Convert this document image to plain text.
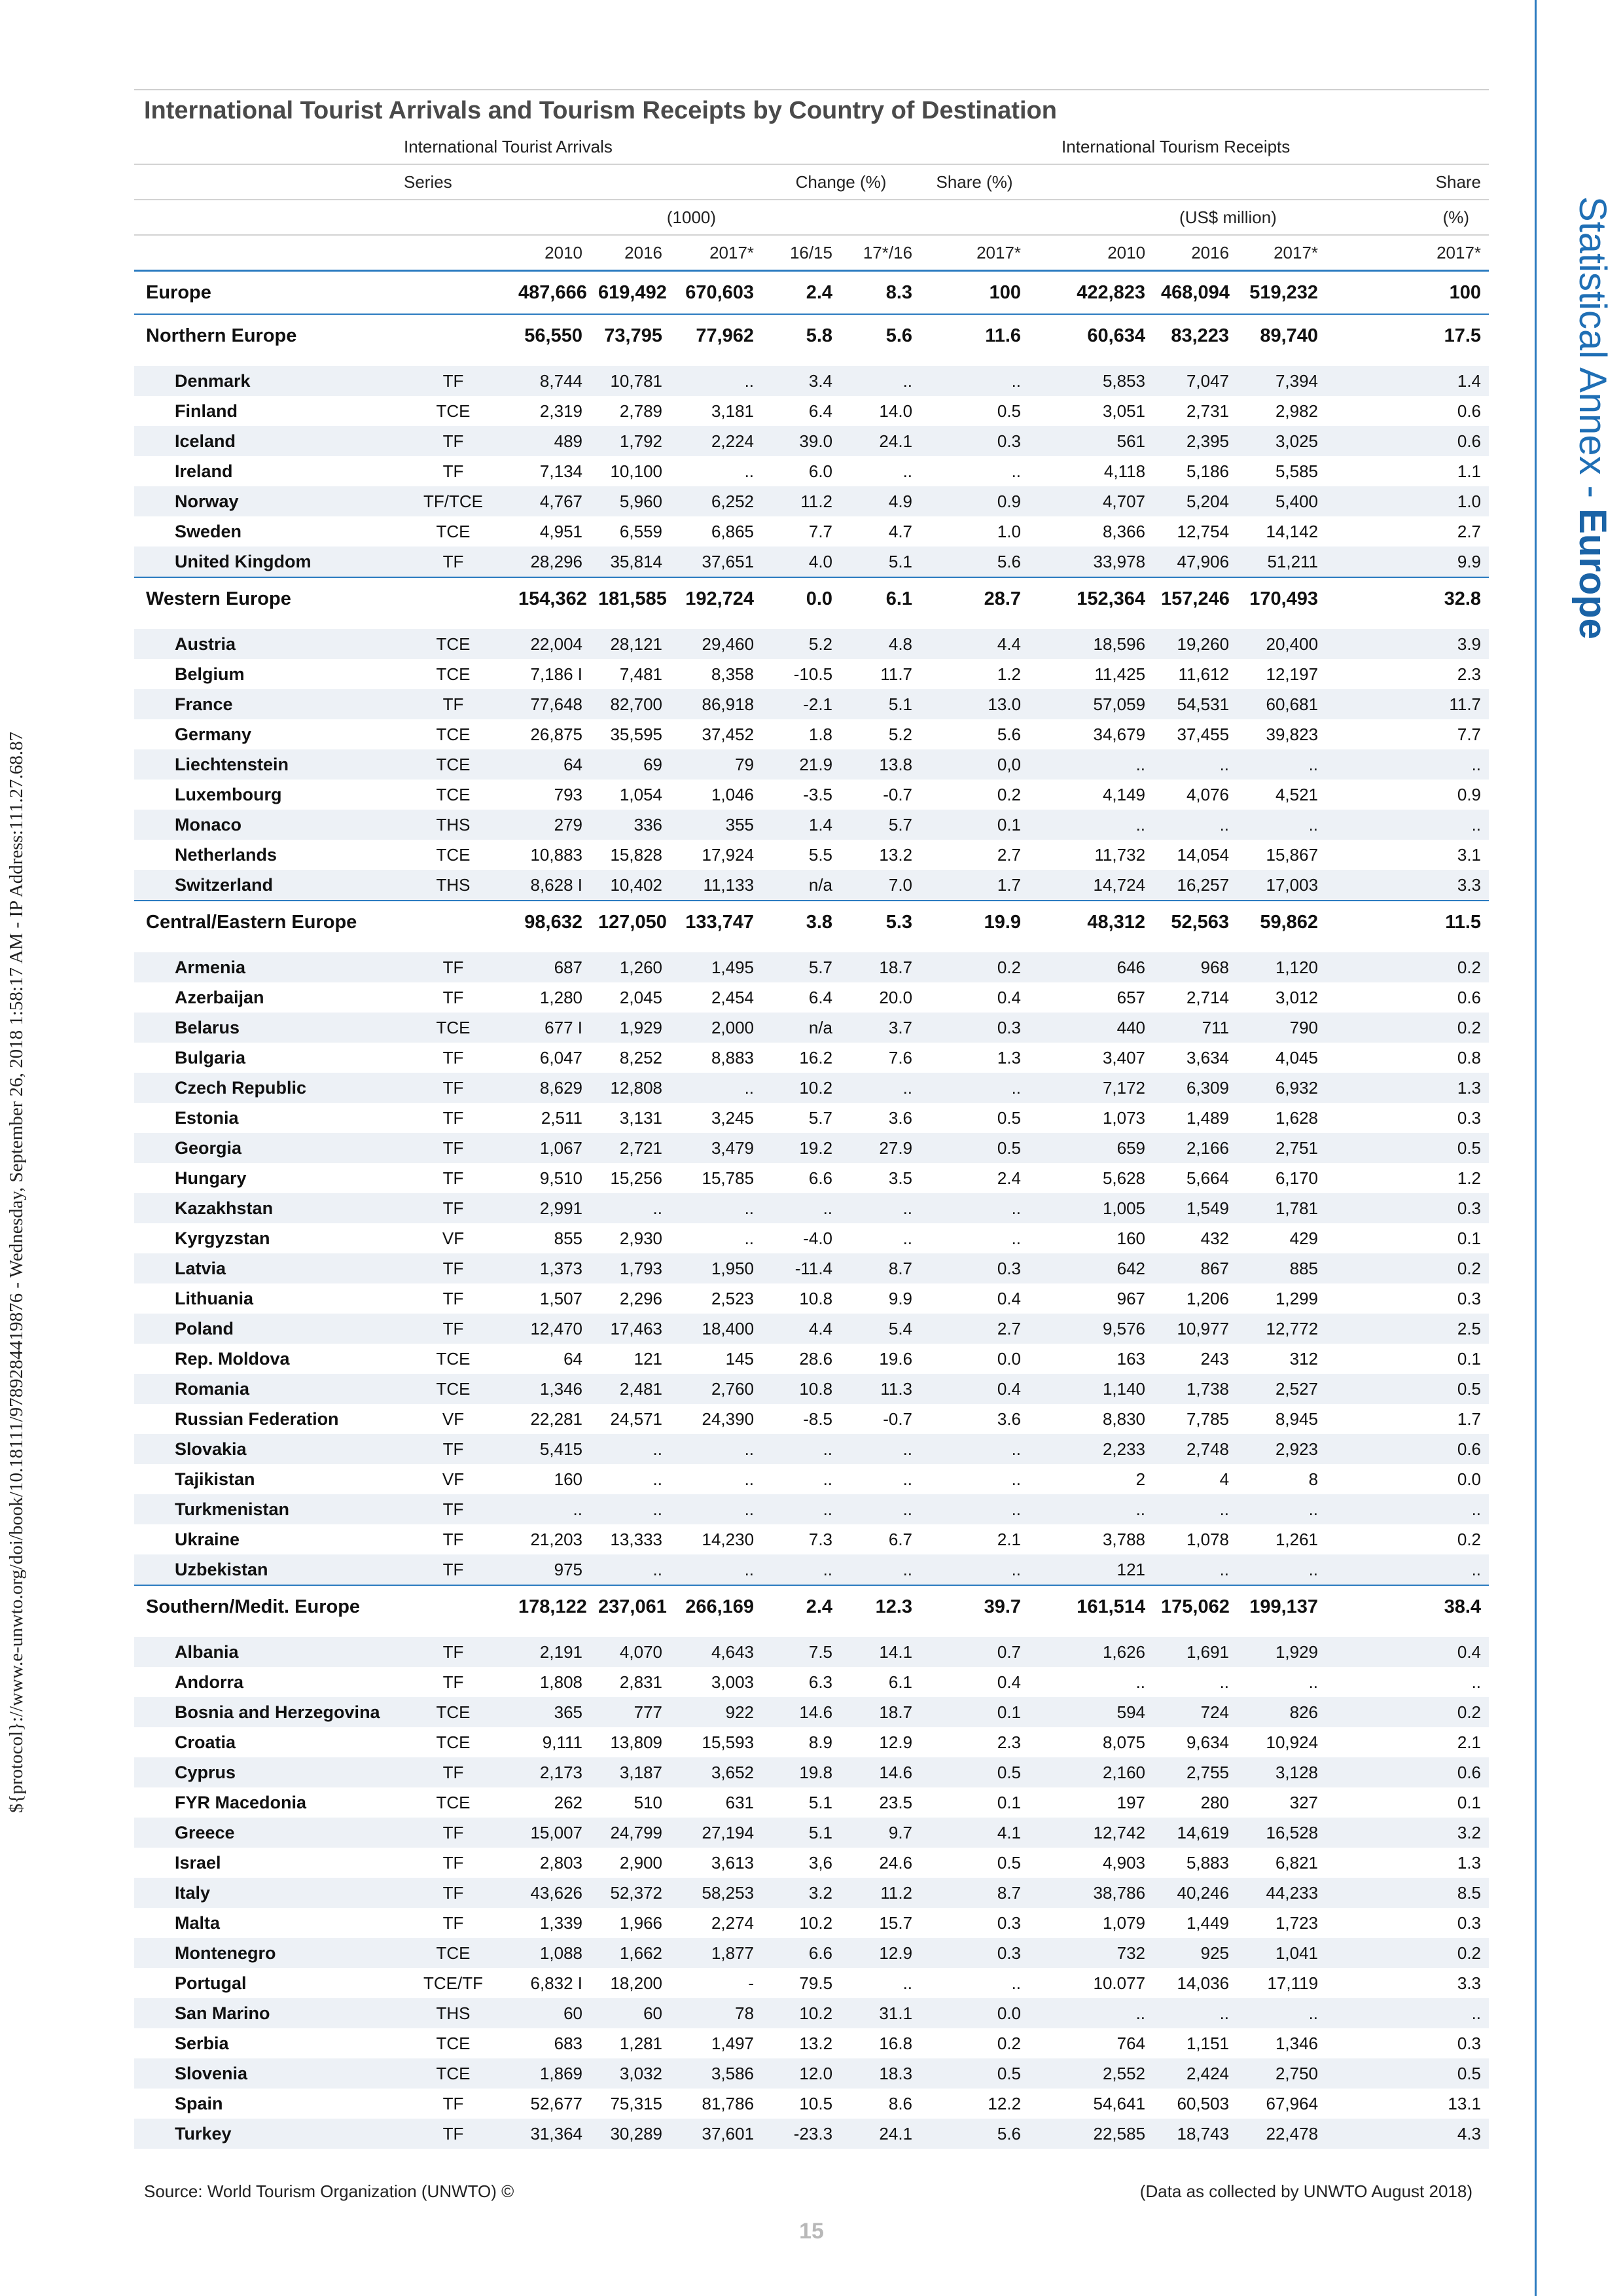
Statistical Annex - Europe
${protocol}://www.e-unwto.org/doi/book/10.18111/9789284419876 - Wednesday, September 26, 2018 1:58:17 AM - IP Address:111.27.68.87
International Tourist Arrivals and Tourism Receipts by Country of Destination
	International Tourist Arrivals							International Tourism Receipts			
	Series				Change (%)		Share (%)				Share
			(1000)						(US$ million)		(%)
		2010	2016	2017*	16/15	17*/16	2017*	2010	2016	2017*	2017*
Europe		487,666	619,492	670,603	2.4	8.3	100	422,823	468,094	519,232	100
Northern Europe		56,550	73,795	77,962	5.8	5.6	11.6	60,634	83,223	89,740	17.5

Denmark	TF	8,744	10,781	..	3.4	..	..	5,853	7,047	7,394	1.4
Finland	TCE	2,319	2,789	3,181	6.4	14.0	0.5	3,051	2,731	2,982	0.6
Iceland	TF	489	1,792	2,224	39.0	24.1	0.3	561	2,395	3,025	0.6
Ireland	TF	7,134	10,100	..	6.0	..	..	4,118	5,186	5,585	1.1
Norway	TF/TCE	4,767	5,960	6,252	11.2	4.9	0.9	4,707	5,204	5,400	1.0
Sweden	TCE	4,951	6,559	6,865	7.7	4.7	1.0	8,366	12,754	14,142	2.7
United Kingdom	TF	28,296	35,814	37,651	4.0	5.1	5.6	33,978	47,906	51,211	9.9
Western Europe		154,362	181,585	192,724	0.0	6.1	28.7	152,364	157,246	170,493	32.8

Austria	TCE	22,004	28,121	29,460	5.2	4.8	4.4	18,596	19,260	20,400	3.9
Belgium	TCE	7,186 I	7,481	8,358	-10.5	11.7	1.2	11,425	11,612	12,197	2.3
France	TF	77,648	82,700	86,918	-2.1	5.1	13.0	57,059	54,531	60,681	11.7
Germany	TCE	26,875	35,595	37,452	1.8	5.2	5.6	34,679	37,455	39,823	7.7
Liechtenstein	TCE	64	69	79	21.9	13.8	0,0	..	..	..	..
Luxembourg	TCE	793	1,054	1,046	-3.5	-0.7	0.2	4,149	4,076	4,521	0.9
Monaco	THS	279	336	355	1.4	5.7	0.1	..	..	..	..
Netherlands	TCE	10,883	15,828	17,924	5.5	13.2	2.7	11,732	14,054	15,867	3.1
Switzerland	THS	8,628 I	10,402	11,133	n/a	7.0	1.7	14,724	16,257	17,003	3.3
Central/Eastern Europe		98,632	127,050	133,747	3.8	5.3	19.9	48,312	52,563	59,862	11.5

Armenia	TF	687	1,260	1,495	5.7	18.7	0.2	646	968	1,120	0.2
Azerbaijan	TF	1,280	2,045	2,454	6.4	20.0	0.4	657	2,714	3,012	0.6
Belarus	TCE	677 I	1,929	2,000	n/a	3.7	0.3	440	711	790	0.2
Bulgaria	TF	6,047	8,252	8,883	16.2	7.6	1.3	3,407	3,634	4,045	0.8
Czech Republic	TF	8,629	12,808	..	10.2	..	..	7,172	6,309	6,932	1.3
Estonia	TF	2,511	3,131	3,245	5.7	3.6	0.5	1,073	1,489	1,628	0.3
Georgia	TF	1,067	2,721	3,479	19.2	27.9	0.5	659	2,166	2,751	0.5
Hungary	TF	9,510	15,256	15,785	6.6	3.5	2.4	5,628	5,664	6,170	1.2
Kazakhstan	TF	2,991	..	..	..	..	..	1,005	1,549	1,781	0.3
Kyrgyzstan	VF	855	2,930	..	-4.0	..	..	160	432	429	0.1
Latvia	TF	1,373	1,793	1,950	-11.4	8.7	0.3	642	867	885	0.2
Lithuania	TF	1,507	2,296	2,523	10.8	9.9	0.4	967	1,206	1,299	0.3
Poland	TF	12,470	17,463	18,400	4.4	5.4	2.7	9,576	10,977	12,772	2.5
Rep. Moldova	TCE	64	121	145	28.6	19.6	0.0	163	243	312	0.1
Romania	TCE	1,346	2,481	2,760	10.8	11.3	0.4	1,140	1,738	2,527	0.5
Russian Federation	VF	22,281	24,571	24,390	-8.5	-0.7	3.6	8,830	7,785	8,945	1.7
Slovakia	TF	5,415	..	..	..	..	..	2,233	2,748	2,923	0.6
Tajikistan	VF	160	..	..	..	..	..	2	4	8	0.0
Turkmenistan	TF	..	..	..	..	..	..	..	..	..	..
Ukraine	TF	21,203	13,333	14,230	7.3	6.7	2.1	3,788	1,078	1,261	0.2
Uzbekistan	TF	975	..	..	..	..	..	121	..	..	..
Southern/Medit. Europe		178,122	237,061	266,169	2.4	12.3	39.7	161,514	175,062	199,137	38.4

Albania	TF	2,191	4,070	4,643	7.5	14.1	0.7	1,626	1,691	1,929	0.4
Andorra	TF	1,808	2,831	3,003	6.3	6.1	0.4	..	..	..	..
Bosnia and Herzegovina	TCE	365	777	922	14.6	18.7	0.1	594	724	826	0.2
Croatia	TCE	9,111	13,809	15,593	8.9	12.9	2.3	8,075	9,634	10,924	2.1
Cyprus	TF	2,173	3,187	3,652	19.8	14.6	0.5	2,160	2,755	3,128	0.6
FYR Macedonia	TCE	262	510	631	5.1	23.5	0.1	197	280	327	0.1
Greece	TF	15,007	24,799	27,194	5.1	9.7	4.1	12,742	14,619	16,528	3.2
Israel	TF	2,803	2,900	3,613	3,6	24.6	0.5	4,903	5,883	6,821	1.3
Italy	TF	43,626	52,372	58,253	3.2	11.2	8.7	38,786	40,246	44,233	8.5
Malta	TF	1,339	1,966	2,274	10.2	15.7	0.3	1,079	1,449	1,723	0.3
Montenegro	TCE	1,088	1,662	1,877	6.6	12.9	0.3	732	925	1,041	0.2
Portugal	TCE/TF	6,832 I	18,200	-	79.5	..	..	10.077	14,036	17,119	3.3
San Marino	THS	60	60	78	10.2	31.1	0.0	..	..	..	..
Serbia	TCE	683	1,281	1,497	13.2	16.8	0.2	764	1,151	1,346	0.3
Slovenia	TCE	1,869	3,032	3,586	12.0	18.3	0.5	2,552	2,424	2,750	0.5
Spain	TF	52,677	75,315	81,786	10.5	8.6	12.2	54,641	60,503	67,964	13.1
Turkey	TF	31,364	30,289	37,601	-23.3	24.1	5.6	22,585	18,743	22,478	4.3
Source: World Tourism Organization (UNWTO) ©	(Data as collected by UNWTO August 2018)
15
